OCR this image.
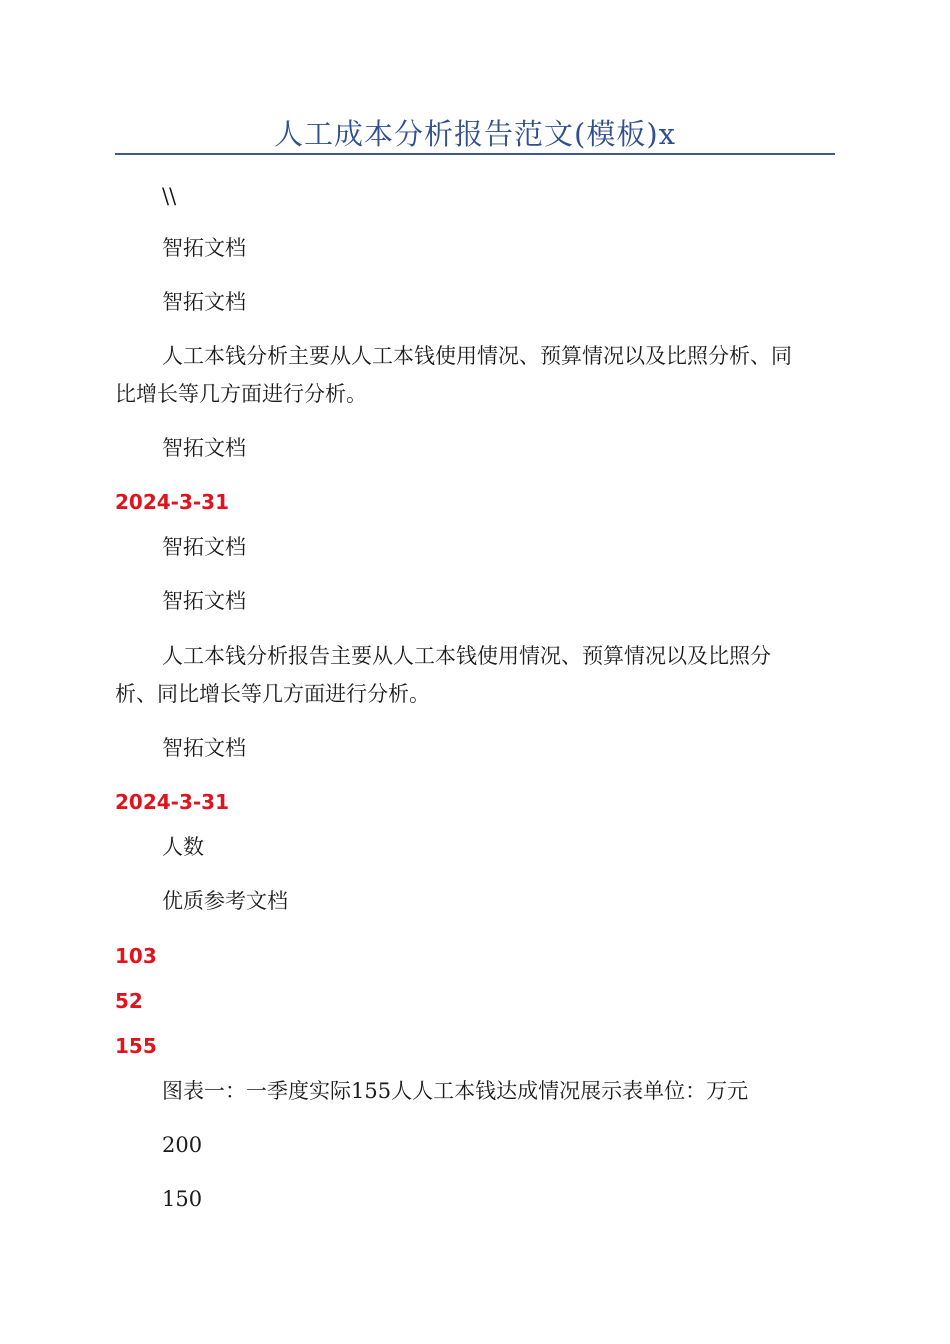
人工成本分析报告范文(模板)x
\\
智拓文档
智拓文档
人工本钱分析主要从人工本钱使用情况、预算情况以及比照分析、同
比增长等几方面进行分析。
智拓文档
2024-3-31
智拓文档
智拓文档
人工本钱分析报告主要从人工本钱使用情况、预算情况以及比照分
析、同比增长等几方面进行分析。
智拓文档
2024-3-31
人数
优质参考文档
103
52
155
图表一：一季度实际155人人工本钱达成情况展示表单位：万元
200
150
